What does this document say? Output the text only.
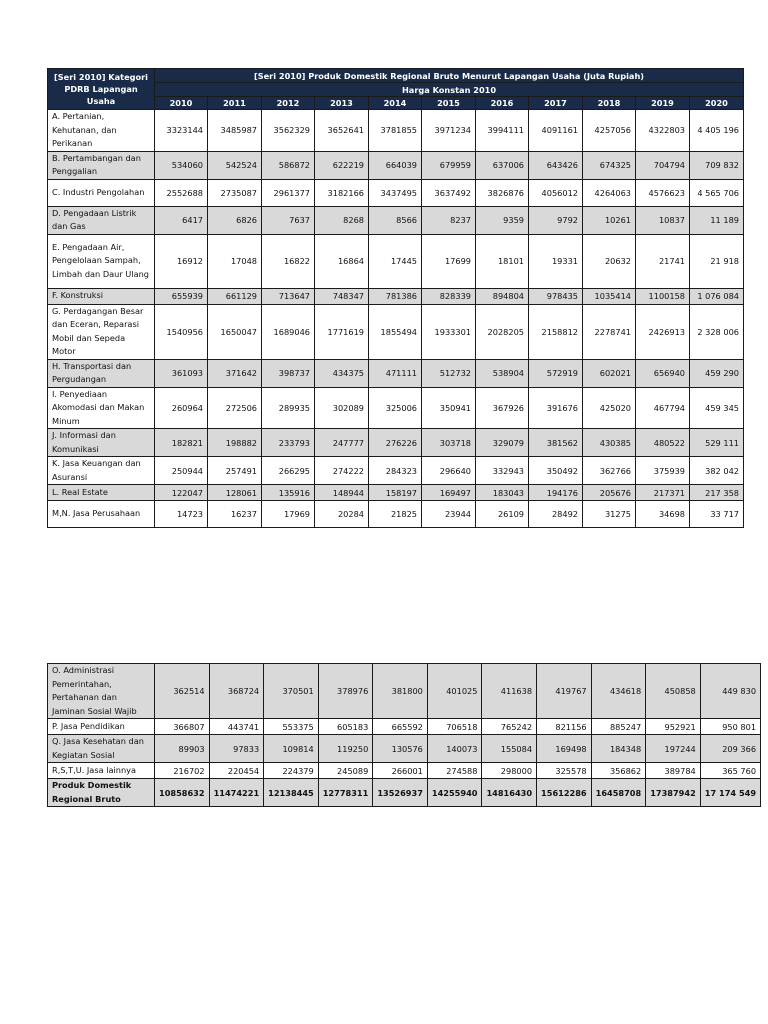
[Seri 2010] Kategori PDRB Lapangan Usaha	[Seri 2010] Produk Domestik Regional Bruto Menurut Lapangan Usaha (Juta Rupiah)										
	Harga Konstan 2010										
	2010	2011	2012	2013	2014	2015	2016	2017	2018	2019	2020
A. Pertanian, Kehutanan, dan Perikanan	3323144	3485987	3562329	3652641	3781855	3971234	3994111	4091161	4257056	4322803	4 405 196
B. Pertambangan dan Penggalian	534060	542524	586872	622219	664039	679959	637006	643426	674325	704794	709 832
C. Industri Pengolahan	2552688	2735087	2961377	3182166	3437495	3637492	3826876	4056012	4264063	4576623	4 565 706
D. Pengadaan Listrik dan Gas	6417	6826	7637	8268	8566	8237	9359	9792	10261	10837	11 189
E. Pengadaan Air, Pengelolaan Sampah, Limbah dan Daur Ulang	16912	17048	16822	16864	17445	17699	18101	19331	20632	21741	21 918
F. Konstruksi	655939	661129	713647	748347	781386	828339	894804	978435	1035414	1100158	1 076 084
G. Perdagangan Besar dan Eceran, Reparasi Mobil dan Sepeda Motor	1540956	1650047	1689046	1771619	1855494	1933301	2028205	2158812	2278741	2426913	2 328 006
H. Transportasi dan Pergudangan	361093	371642	398737	434375	471111	512732	538904	572919	602021	656940	459 290
I. Penyediaan Akomodasi dan Makan Minum	260964	272506	289935	302089	325006	350941	367926	391676	425020	467794	459 345
J. Informasi dan Komunikasi	182821	198882	233793	247777	276226	303718	329079	381562	430385	480522	529 111
K. Jasa Keuangan dan Asuransi	250944	257491	266295	274222	284323	296640	332943	350492	362766	375939	382 042
L. Real Estate	122047	128061	135916	148944	158197	169497	183043	194176	205676	217371	217 358
M,N. Jasa Perusahaan	14723	16237	17969	20284	21825	23944	26109	28492	31275	34698	33 717
O. Administrasi Pemerintahan, Pertahanan dan Jaminan Sosial Wajib	362514	368724	370501	378976	381800	401025	411638	419767	434618	450858	449 830
P. Jasa Pendidikan	366807	443741	553375	605183	665592	706518	765242	821156	885247	952921	950 801
Q. Jasa Kesehatan dan Kegiatan Sosial	89903	97833	109814	119250	130576	140073	155084	169498	184348	197244	209 366
R,S,T,U. Jasa lainnya	216702	220454	224379	245089	266001	274588	298000	325578	356862	389784	365 760
Produk Domestik Regional Bruto	10858632	11474221	12138445	12778311	13526937	14255940	14816430	15612286	16458708	17387942	17 174 549
